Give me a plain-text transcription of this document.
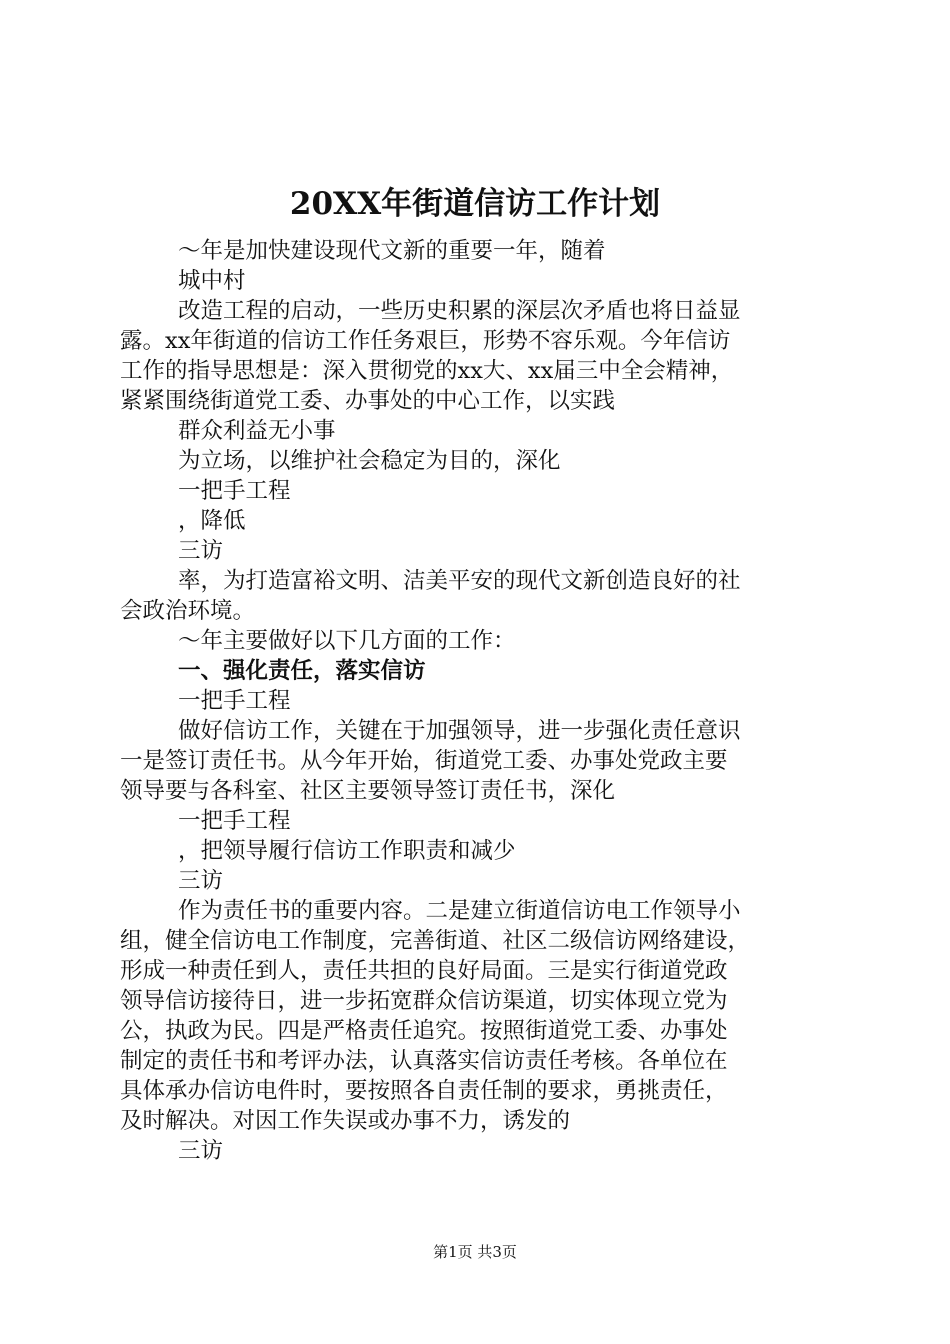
20XX年街道信访工作计划
～年是加快建设现代文新的重要一年，随着
城中村
改造工程的启动，一些历史积累的深层次矛盾也将日益显
露。xx年街道的信访工作任务艰巨，形势不容乐观。今年信访
工作的指导思想是：深入贯彻党的xx大、xx届三中全会精神，
紧紧围绕街道党工委、办事处的中心工作，以实践
群众利益无小事
为立场，以维护社会稳定为目的，深化
一把手工程
，降低
三访
率，为打造富裕文明、洁美平安的现代文新创造良好的社
会政治环境。
～年主要做好以下几方面的工作：
一、强化责任，落实信访
一把手工程
做好信访工作，关键在于加强领导，进一步强化责任意识
一是签订责任书。从今年开始，街道党工委、办事处党政主要
领导要与各科室、社区主要领导签订责任书，深化
一把手工程
，把领导履行信访工作职责和减少
三访
作为责任书的重要内容。二是建立街道信访电工作领导小
组，健全信访电工作制度，完善街道、社区二级信访网络建设，
形成一种责任到人，责任共担的良好局面。三是实行街道党政
领导信访接待日，进一步拓宽群众信访渠道，切实体现立党为
公，执政为民。四是严格责任追究。按照街道党工委、办事处
制定的责任书和考评办法，认真落实信访责任考核。各单位在
具体承办信访电件时，要按照各自责任制的要求，勇挑责任，
及时解决。对因工作失误或办事不力，诱发的
三访
第1页 共3页
